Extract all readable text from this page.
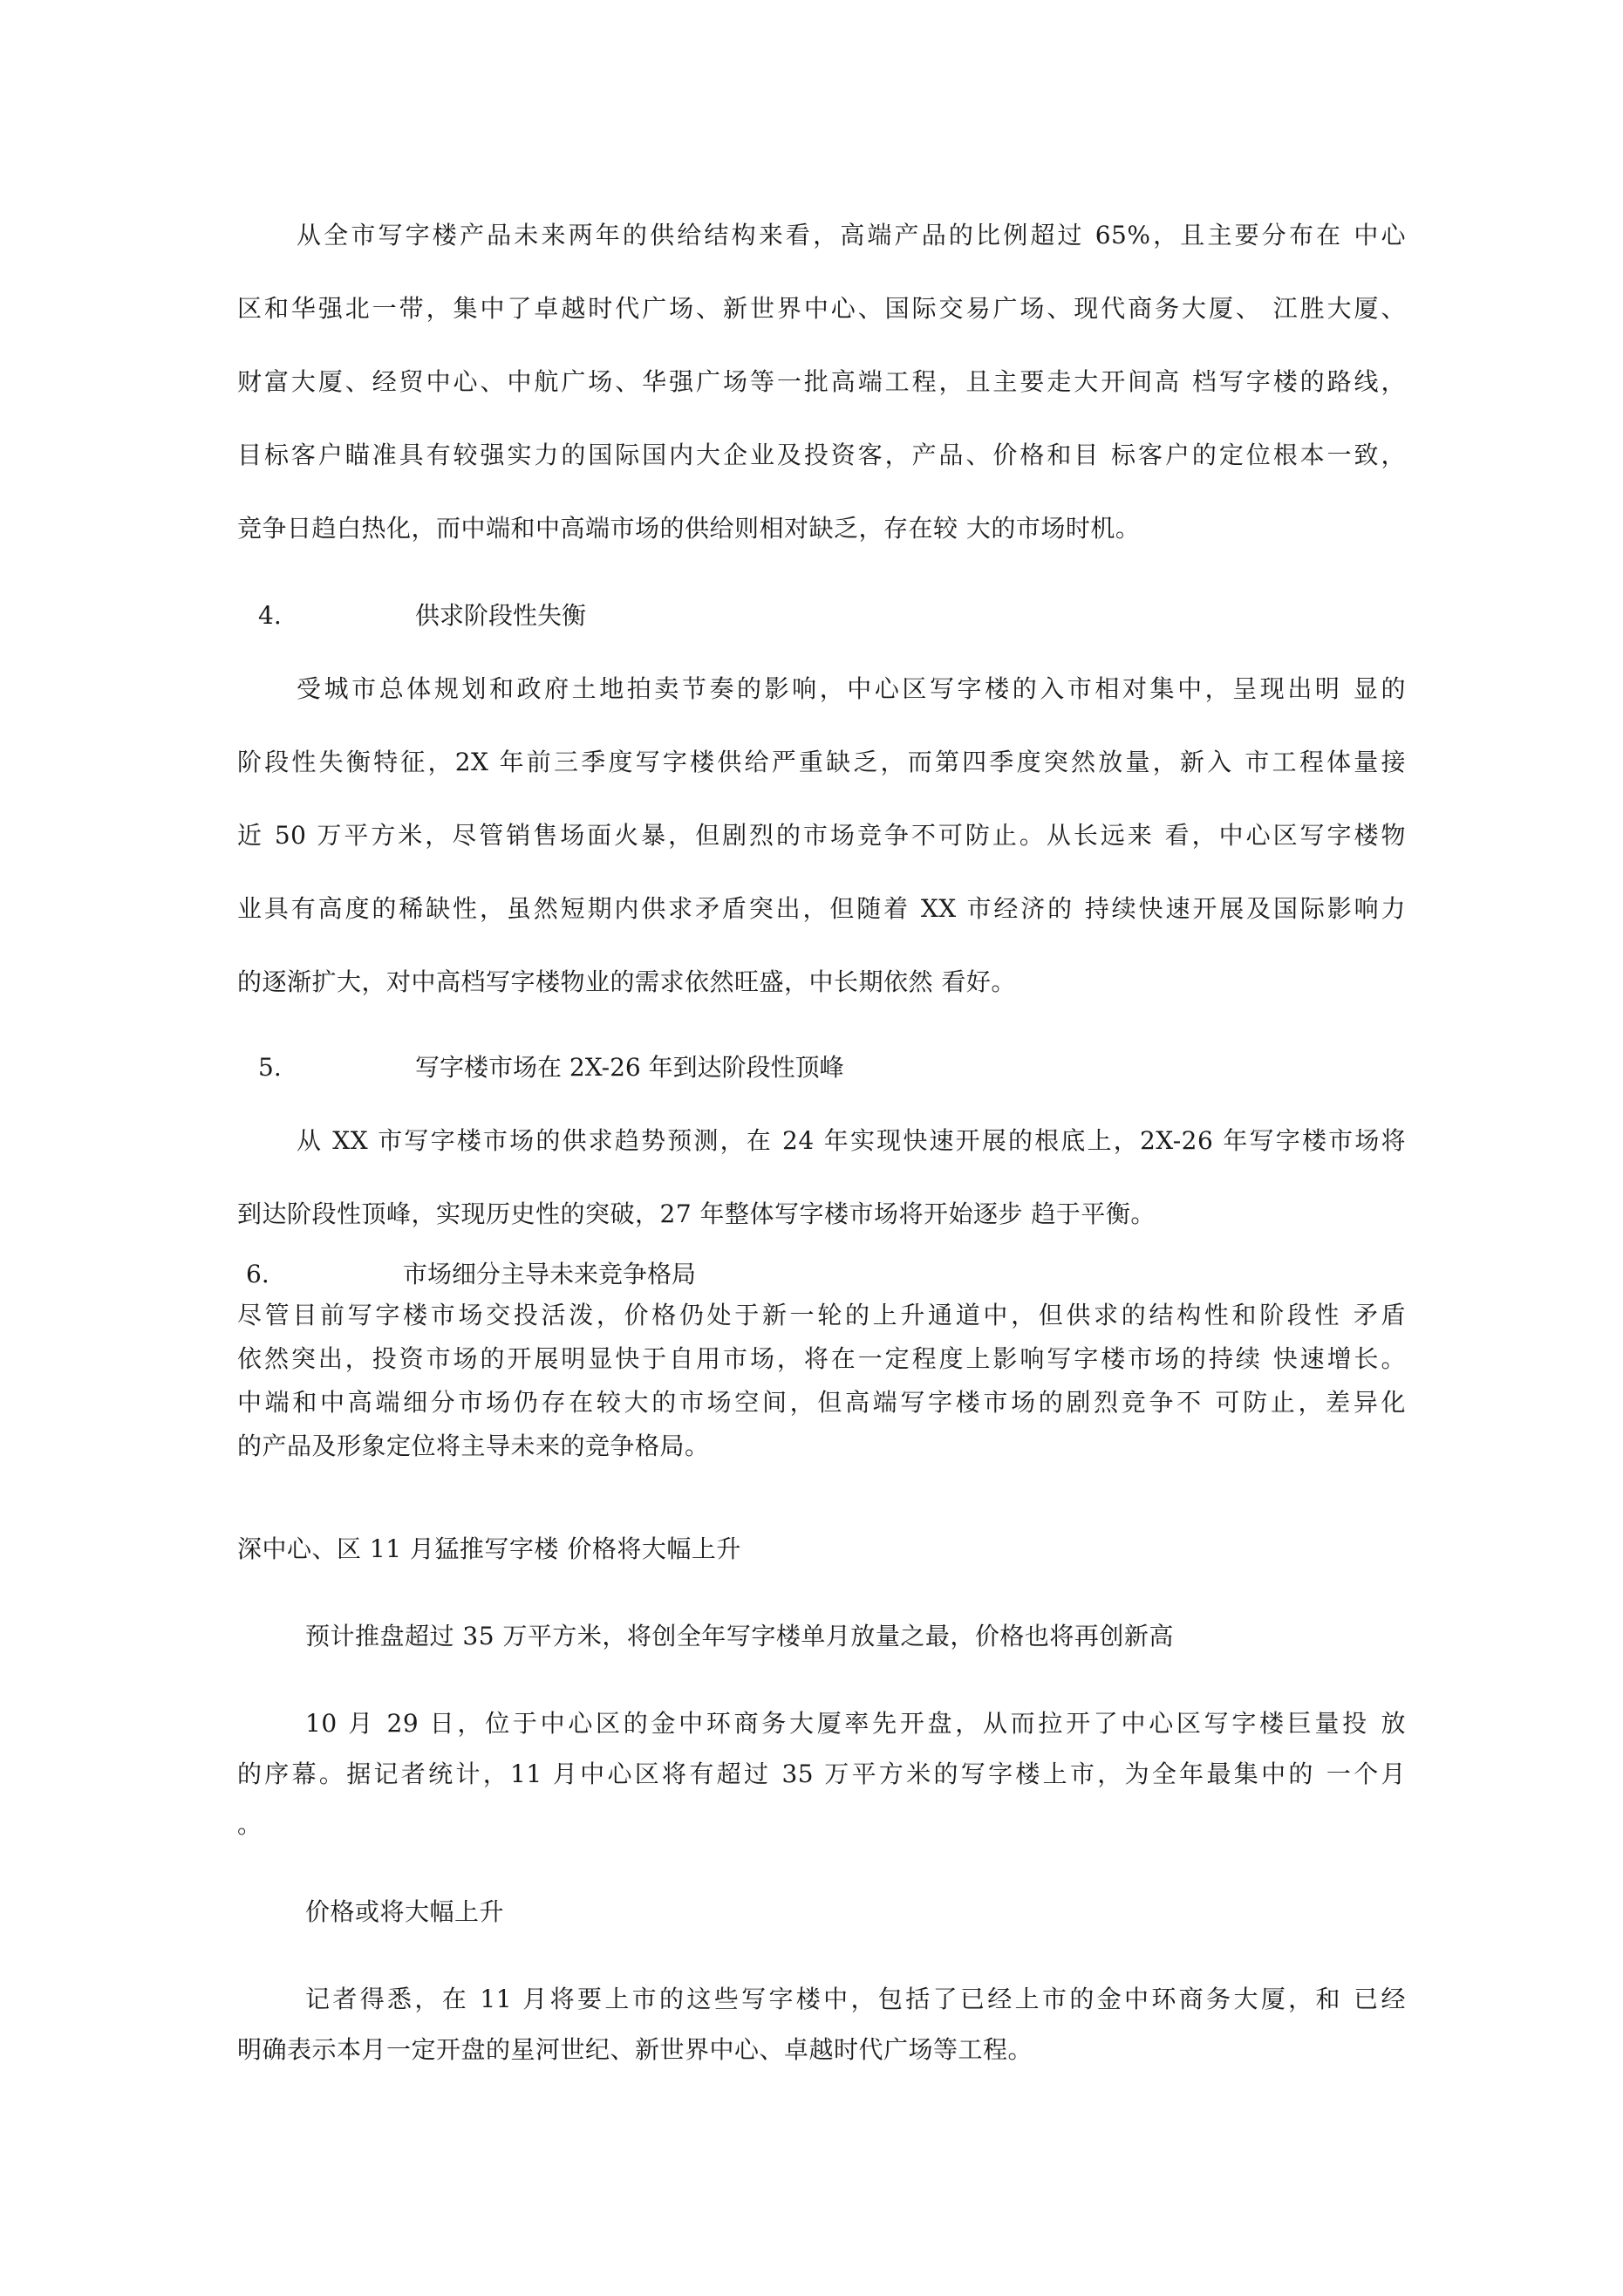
从全市写字楼产品未来两年的供给结构来看，高端产品的比例超过 65%，且主要分布在 中心
区和华强北一带，集中了卓越时代广场、新世界中心、国际交易广场、现代商务大厦、 江胜大厦、
财富大厦、经贸中心、中航广场、华强广场等一批高端工程，且主要走大开间高 档写字楼的路线，
目标客户瞄准具有较强实力的国际国内大企业及投资客，产品、价格和目 标客户的定位根本一致，
竞争日趋白热化，而中端和中高端市场的供给则相对缺乏，存在较 大的市场时机。
4.	供求阶段性失衡
受城市总体规划和政府土地拍卖节奏的影响，中心区写字楼的入市相对集中，呈现出明 显的
阶段性失衡特征，2X 年前三季度写字楼供给严重缺乏，而第四季度突然放量，新入 市工程体量接
近 50 万平方米，尽管销售场面火暴，但剧烈的市场竞争不可防止。从长远来 看，中心区写字楼物
业具有高度的稀缺性，虽然短期内供求矛盾突出，但随着 XX 市经济的 持续快速开展及国际影响力
的逐渐扩大，对中高档写字楼物业的需求依然旺盛，中长期依然 看好。
5.	写字楼市场在 2X-26 年到达阶段性顶峰
从 XX 市写字楼市场的供求趋势预测，在 24 年实现快速开展的根底上，2X-26 年写字楼市场将
到达阶段性顶峰，实现历史性的突破，27 年整体写字楼市场将开始逐步 趋于平衡。
6.	市场细分主导未来竞争格局
尽管目前写字楼市场交投活泼，价格仍处于新一轮的上升通道中，但供求的结构性和阶段性 矛盾
依然突出，投资市场的开展明显快于自用市场，将在一定程度上影响写字楼市场的持续 快速增长。
中端和中高端细分市场仍存在较大的市场空间，但高端写字楼市场的剧烈竞争不 可防止，差异化
的产品及形象定位将主导未来的竞争格局。
深中心、区 11 月猛推写字楼 价格将大幅上升
预计推盘超过 35 万平方米，将创全年写字楼单月放量之最，价格也将再创新高
10 月 29 日，位于中心区的金中环商务大厦率先开盘，从而拉开了中心区写字楼巨量投 放
的序幕。据记者统计，11 月中心区将有超过 35 万平方米的写字楼上市，为全年最集中的 一个月
。
价格或将大幅上升
记者得悉，在 11 月将要上市的这些写字楼中，包括了已经上市的金中环商务大厦，和 已经
明确表示本月一定开盘的星河世纪、新世界中心、卓越时代广场等工程。
